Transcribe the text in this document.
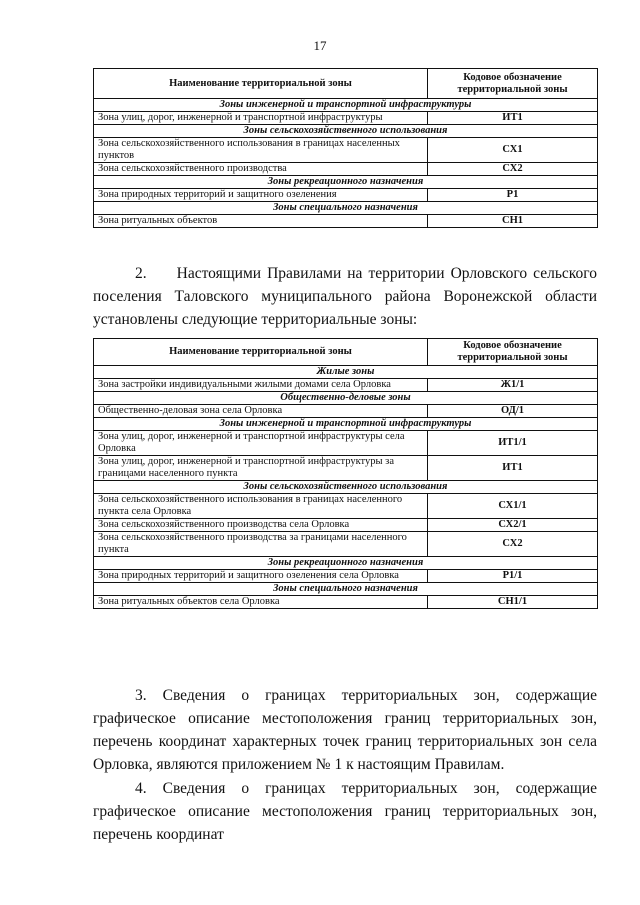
17
Наименование территориальной зоны	Кодовое обозначение территориальной зоны
Зоны инженерной и транспортной инфраструктуры	
Зона улиц, дорог, инженерной и транспортной инфраструктуры	ИТ1
Зоны сельскохозяйственного использования	
Зона сельскохозяйственного использования в границах населенных пунктов	СХ1
Зона сельскохозяйственного производства	СХ2
Зоны рекреационного назначения	
Зона природных территорий и защитного озеленения	Р1
Зоны специального назначения	
Зона ритуальных объектов	СН1

2. Настоящими Правилами на территории Орловского сельского поселения Таловского муниципального района Воронежской области установлены следующие территориальные зоны:

Наименование территориальной зоны	Кодовое обозначение территориальной зоны
Жилые зоны	
Зона застройки индивидуальными жилыми домами села Орловка	Ж1/1
Общественно-деловые зоны	
Общественно-деловая зона села Орловка	ОД/1
Зоны инженерной и транспортной инфраструктуры	
Зона улиц, дорог, инженерной и транспортной инфраструктуры села Орловка	ИТ1/1
Зона улиц, дорог, инженерной и транспортной инфраструктуры за границами населенного пункта	ИТ1
Зоны сельскохозяйственного использования	
Зона сельскохозяйственного использования в границах населенного пункта села Орловка	СХ1/1
Зона сельскохозяйственного производства села Орловка	СХ2/1
Зона сельскохозяйственного производства за границами населенного пункта	СХ2
Зоны рекреационного назначения	
Зона природных территорий и защитного озеленения села Орловка	Р1/1
Зоны специального назначения	
Зона ритуальных объектов села Орловка	СН1/1

3. Сведения о границах территориальных зон, содержащие графическое описание местоположения границ территориальных зон, перечень координат характерных точек границ территориальных зон села Орловка, являются приложением № 1 к настоящим Правилам.

4. Сведения о границах территориальных зон, содержащие графическое описание местоположения границ территориальных зон, перечень координат
